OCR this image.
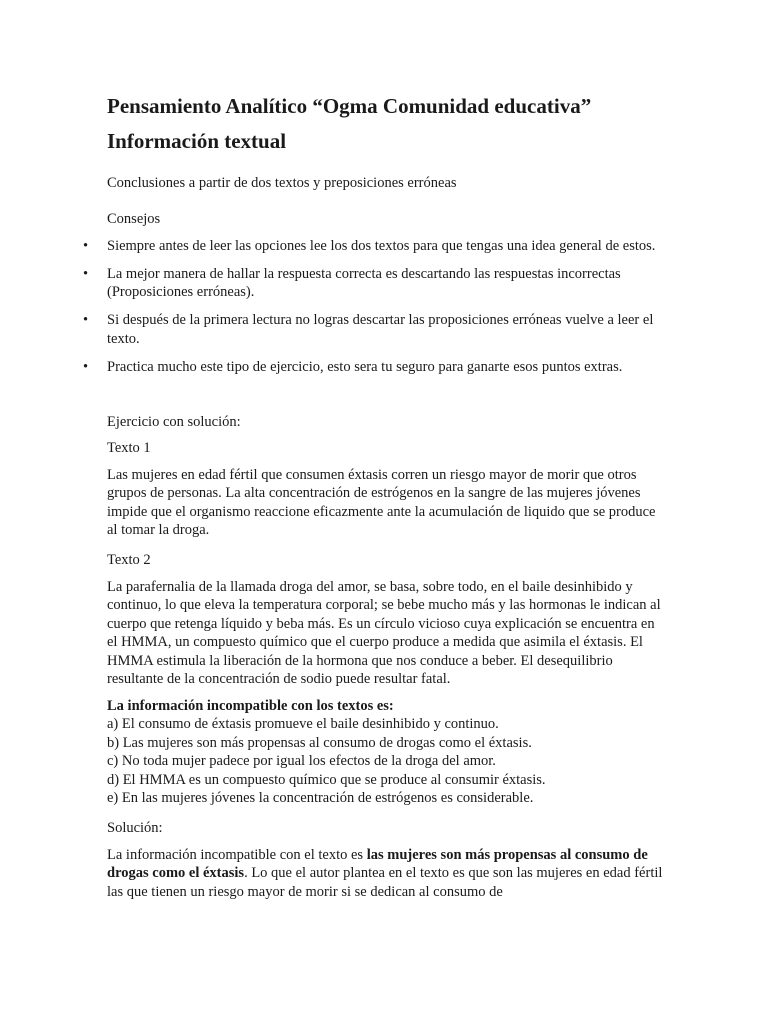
Pensamiento Analítico “Ogma Comunidad educativa”
Información textual

Conclusiones a partir de dos textos y preposiciones erróneas

Consejos

• Siempre antes de leer las opciones lee los dos textos para que tengas una idea general de estos.
• La mejor manera de hallar la respuesta correcta es descartando las respuestas incorrectas (Proposiciones erróneas).
• Si después de la primera lectura no logras descartar las proposiciones erróneas vuelve a leer el texto.
• Practica mucho este tipo de ejercicio, esto sera tu seguro para ganarte esos puntos extras.

Ejercicio con solución:

Texto 1

Las mujeres en edad fértil que consumen éxtasis corren un riesgo mayor de morir que otros grupos de personas. La alta concentración de estrógenos en la sangre de las mujeres jóvenes impide que el organismo reaccione eficazmente ante la acumulación de liquido que se produce al tomar la droga.

Texto 2

La parafernalia de la llamada droga del amor, se basa, sobre todo, en el baile desinhibido y continuo, lo que eleva la temperatura corporal; se bebe mucho más y las hormonas le indican al cuerpo que retenga líquido y beba más. Es un círculo vicioso cuya explicación se encuentra en el HMMA, un compuesto químico que el cuerpo produce a medida que asimila el éxtasis. El HMMA estimula la liberación de la hormona que nos conduce a beber. El desequilibrio resultante de la concentración de sodio puede resultar fatal.

La información incompatible con los textos es:
a) El consumo de éxtasis promueve el baile desinhibido y continuo.
b) Las mujeres son más propensas al consumo de drogas como el éxtasis.
c) No toda mujer padece por igual los efectos de la droga del amor.
d) El HMMA es un compuesto químico que se produce al consumir éxtasis.
e) En las mujeres jóvenes la concentración de estrógenos es considerable.

Solución:

La información incompatible con el texto es las mujeres son más propensas al consumo de drogas como el éxtasis. Lo que el autor plantea en el texto es que son las mujeres en edad fértil las que tienen un riesgo mayor de morir si se dedican al consumo de
